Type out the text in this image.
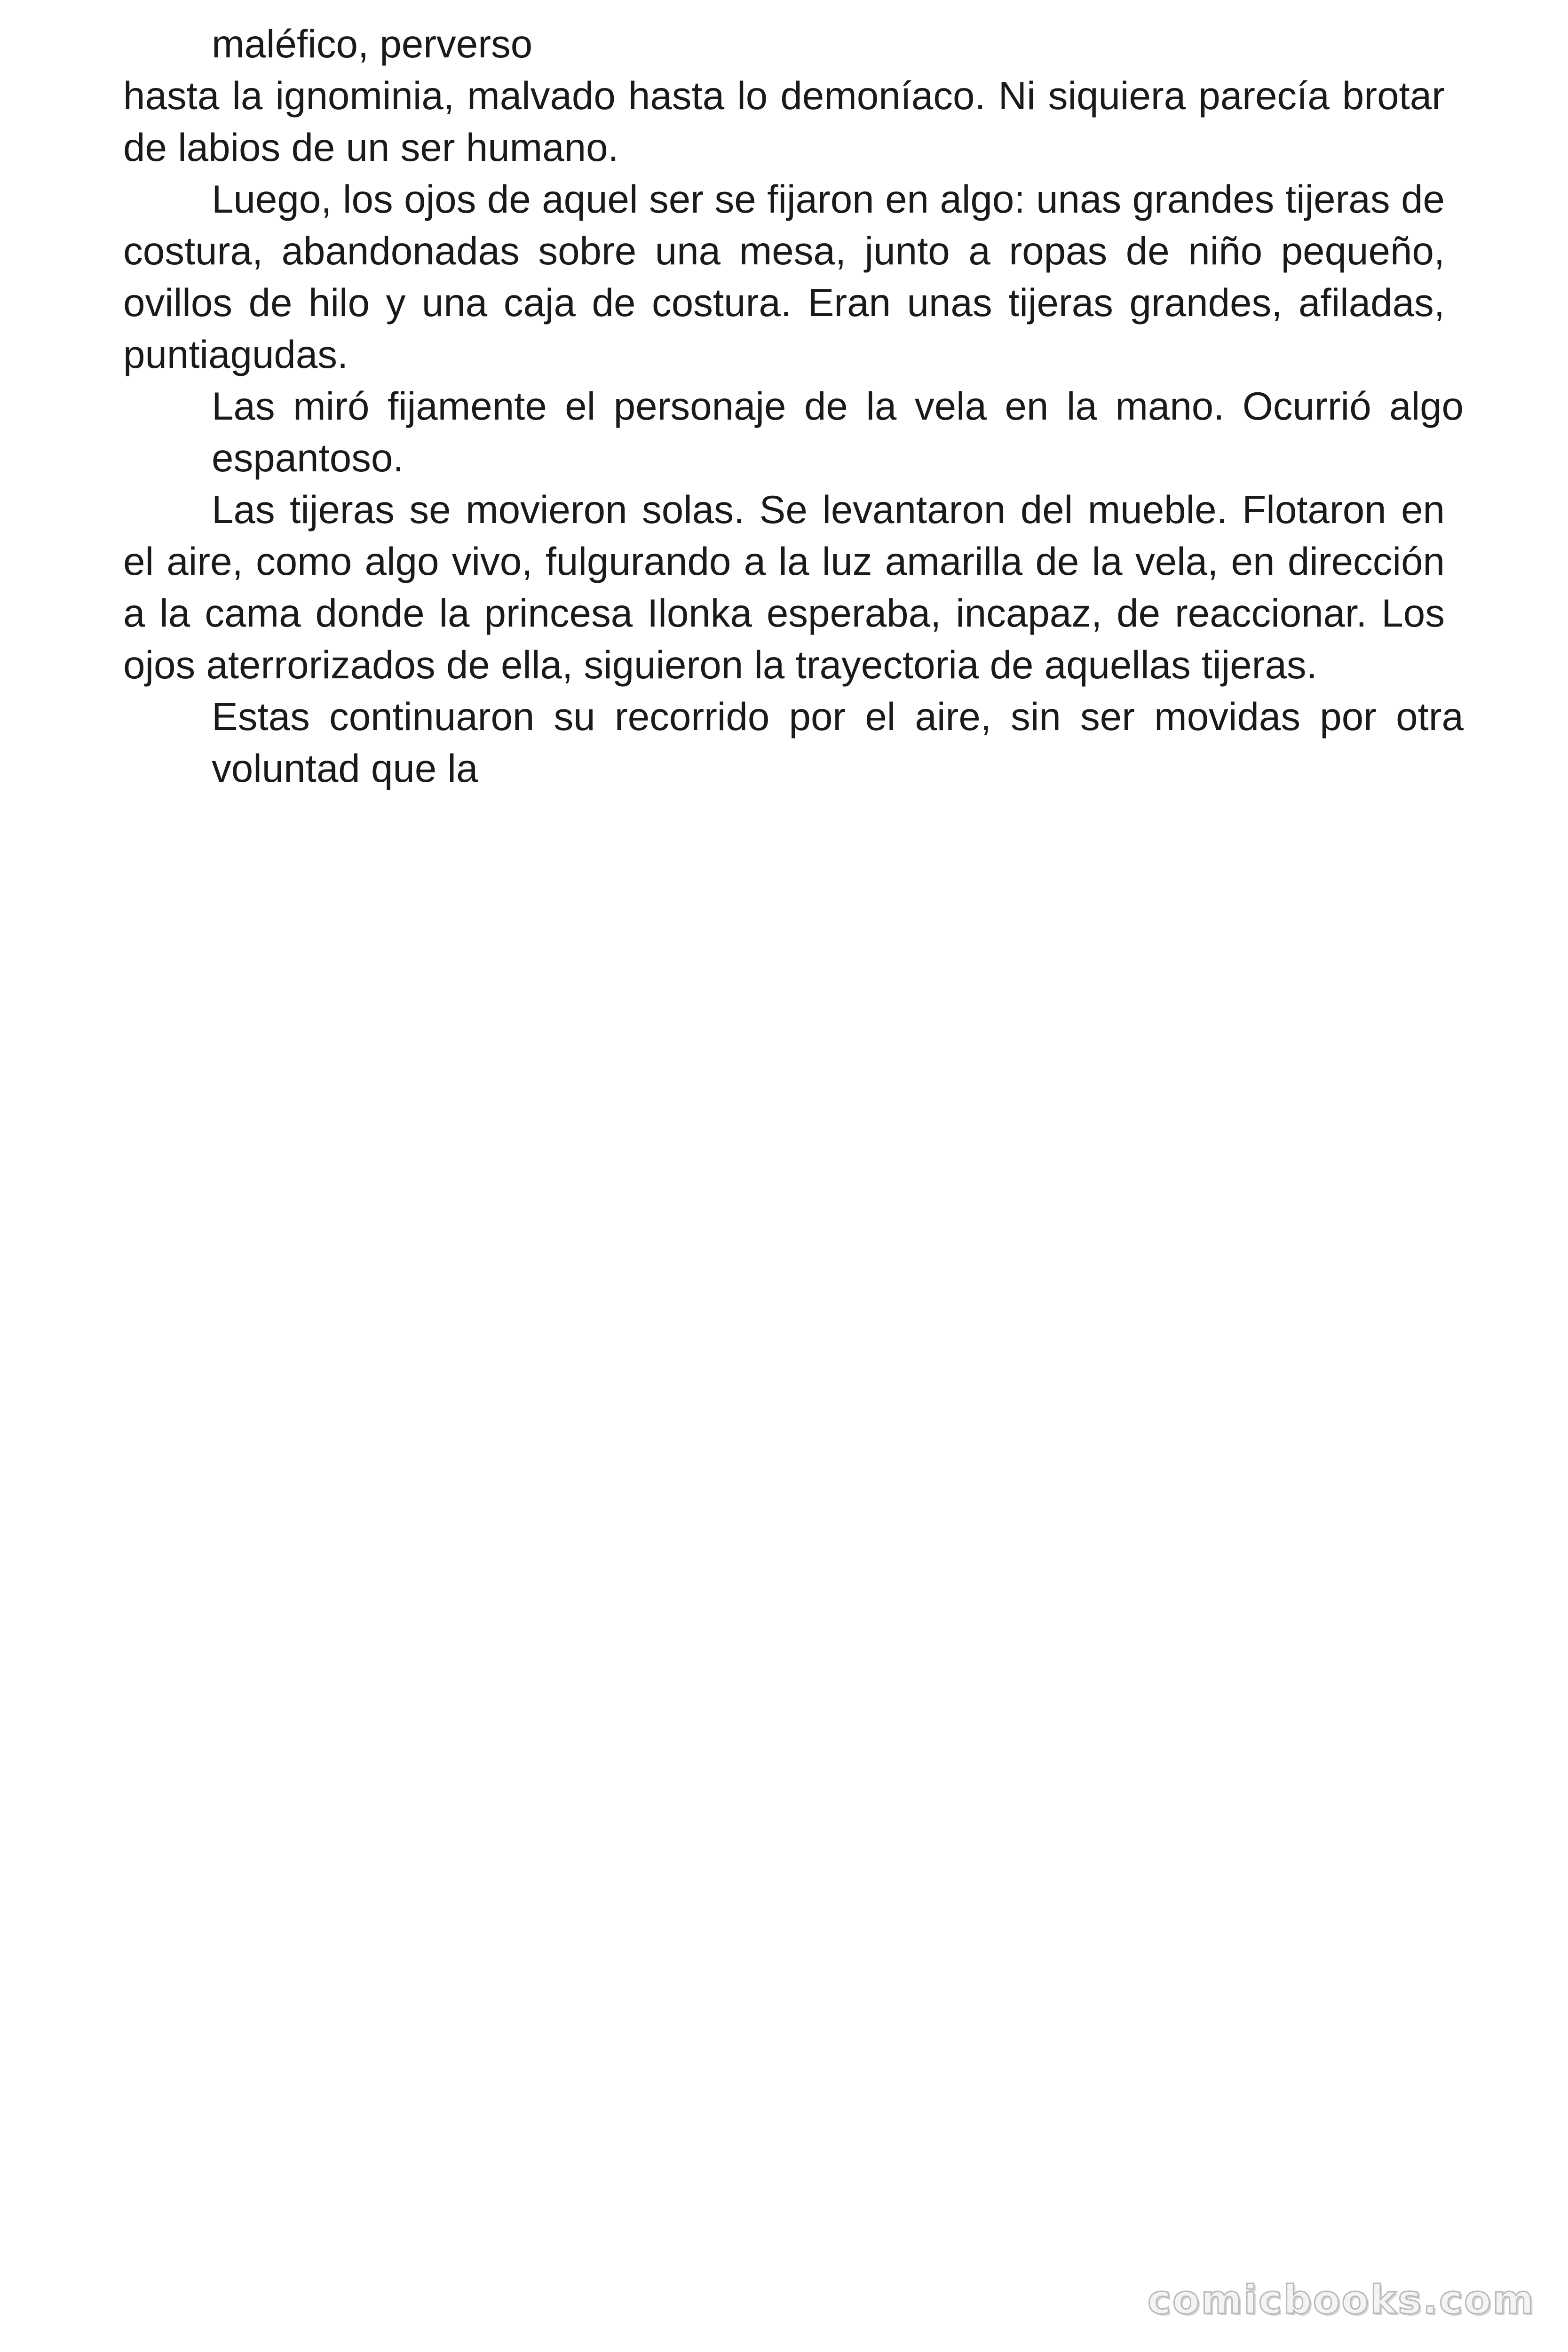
maléfico, perverso

hasta la ignominia, malvado hasta lo demoníaco. Ni siquiera parecía brotar de labios de un ser humano.

Luego, los ojos de aquel ser se fijaron en algo: unas grandes tijeras de costura, abandonadas sobre una mesa, junto a ropas de niño pequeño, ovillos de hilo y una caja de costura. Eran unas tijeras grandes, afiladas, puntiagudas.

Las miró fijamente el personaje de la vela en la mano. Ocurrió algo espantoso.

Las tijeras se movieron solas. Se levantaron del mueble. Flotaron en el aire, como algo vivo, fulgurando a la luz amarilla de la vela, en dirección a la cama donde la princesa Ilonka esperaba, incapaz, de reaccionar. Los ojos aterrorizados de ella, siguieron la trayectoria de aquellas tijeras.

Estas continuaron su recorrido por el aire, sin ser movidas por otra voluntad que la

comicbooks.com
